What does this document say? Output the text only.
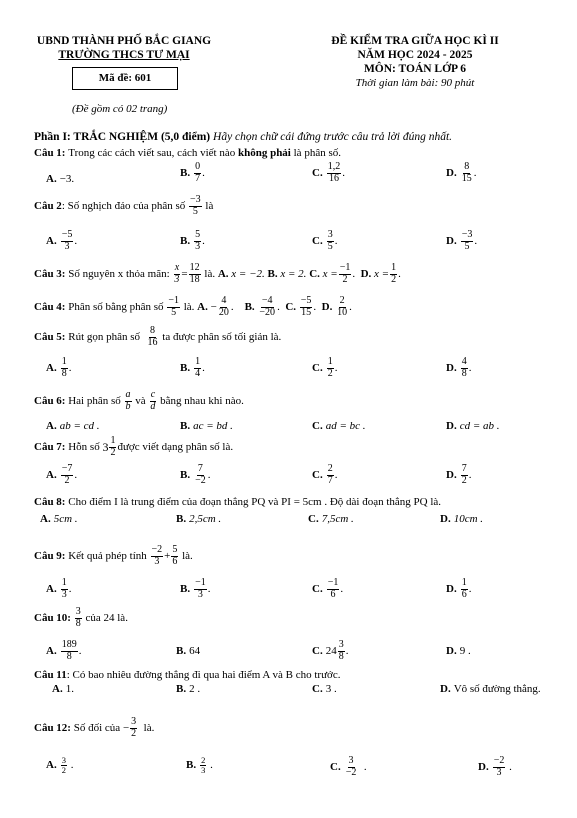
UBND THÀNH PHỐ BẮC GIANG
TRƯỜNG THCS TƯ MẠI
Mã đề: 601
(Đề gồm có 02 trang)
ĐỀ KIỂM TRA GIỮA HỌC KÌ II
NĂM HỌC 2024 - 2025
MÔN: TOÁN LỚP 6
Thời gian làm bài: 90 phút
Phần I: TRẮC NGHIỆM (5,0 điểm)
Hãy chọn chữ cái đứng trước câu trả lời đúng nhất.
Câu 1:
Trong các cách viết sau, cách viết nào
không phải
là phân số.
A. −3.	B. $\frac{0}{7}$ .	C. $\frac{1,2}{16}$ .	D. $\frac{8}{15}$ .
Câu 2 : Số nghịch đảo của phân số
$\frac{-3}{5}$
là
A. $\frac{-5}{3}$ .	B. $\frac{5}{3}$ .	C. $\frac{3}{5}$ .	D. $\frac{-3}{5}$ .
Câu 3:
Số nguyên x thỏa mãn:
$\frac{x}{3} = \frac{12}{18}$
là.
A.
x = −2.
B.
x = 2.
C.
$x = \frac{-1}{2}$ . D.
$x = \frac{1}{2}$ .
Câu 4:
Phân số bằng phân số
$\frac{-1}{5}$
là.
A.
− $\frac{4}{20}$ . B.
$\frac{-4}{-20}$ . C.
$\frac{-5}{15}$ . D.
$\frac{2}{10}$ .
Câu 5:
Rút gọn phân số
$\frac{8}{16}$
ta được phân số tối giản là.
A. $\frac{1}{8}$ .	B. $\frac{1}{4}$ .	C. $\frac{1}{2}$ .	D. $\frac{4}{8}$ .
Câu 6:
Hai phân số
$\frac{a}{b}$
và
$\frac{c}{d}$
bằng nhau khi nào.
A. ab = cd .	B. ac = bd .	C. ad = bc .	D. cd = ab .
Câu 7:
Hỗn số
$3 \frac{1}{2}$ được viết dạng phân số là.
A. $\frac{-7}{2}$ .	B. $\frac{7}{-2}$ .	C. $\frac{2}{7}$ .	D. $\frac{7}{2}$ .
Câu 8:
Cho điểm I là trung điểm của đoạn thẳng PQ và PI = 5cm . Độ dài đoạn thẳng PQ là.
A. 5cm .	B. 2,5cm .	C. 7,5cm .	D. 10cm .
Câu 9:
Kết quả phép tính
$\frac{-2}{3} + \frac{5}{6}$
là.
A. $\frac{1}{3}$ .	B. $\frac{-1}{3}$ .	C. $\frac{-1}{6}$ .	D. $\frac{1}{6}$ .
Câu 10:
$\frac{3}{8}$
của 24 là.
A. $\frac{189}{8}$ .	B. 64	C. $24 \frac{3}{8}$ .	D. 9 .
Câu 11 : Có bao nhiêu đường thẳng đi qua hai điểm A và B cho trước.
A. 1.	B. 2 .	C. 3 .	D. Vô số đường thẳng.
Câu 12:
Số đối của
− $\frac{3}{2}$
là.
A. $\frac{3}{2}$ .	B. $\frac{2}{3}$ .	C. $\frac{3}{-2}$ .	D. $\frac{-2}{3}$ .
